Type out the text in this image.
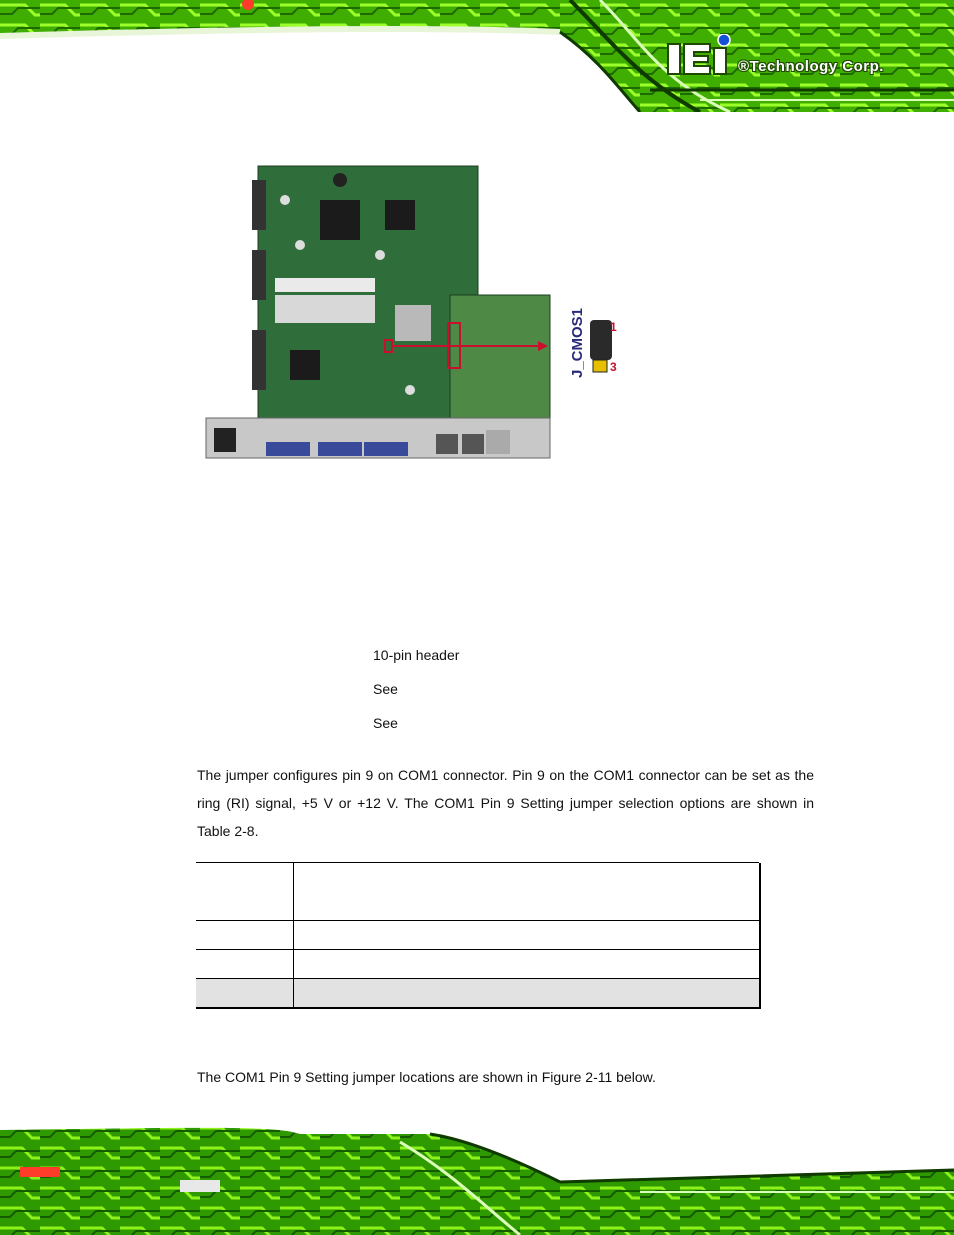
®Technology Corp.
J_CMOS1 1
3
10-pin header
See
See
The jumper configures pin 9 on COM1 connector. Pin 9 on the COM1 connector can be set as the ring (RI) signal, +5 V or +12 V. The COM1 Pin 9 Setting jumper selection options are shown in Table 2-8.
The COM1 Pin 9 Setting jumper locations are shown in Figure 2-11 below.
